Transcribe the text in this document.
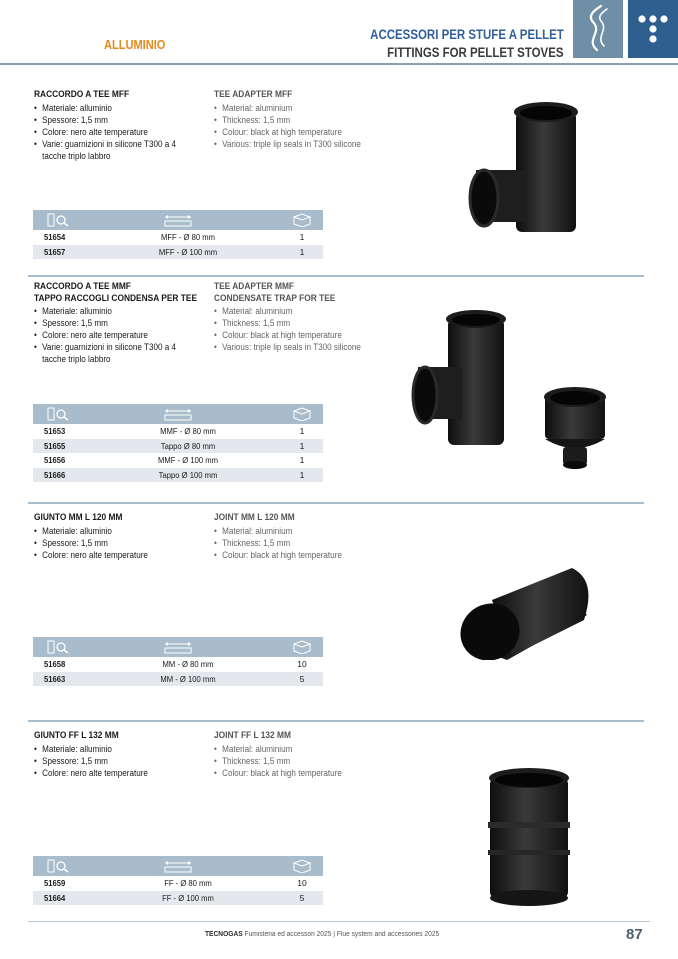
ALLUMINIO
ACCESSORI PER STUFE A PELLET
FITTINGS FOR PELLET STOVES
RACCORDO A TEE MFF
• Materiale: alluminio
• Spessore: 1,5 mm
• Colore: nero alte temperature
• Varie: guarnizioni in silicone T300 a 4 tacche triplo labbro
TEE ADAPTER MFF
• Material: aluminium
• Thickness: 1,5 mm
• Colour: black at high temperature
• Various: triple lip seals in T300 silicone
51654	MFF - Ø 80 mm	1
51657	MFF - Ø 100 mm	1
RACCORDO A TEE MMF
TAPPO RACCOGLI CONDENSA PER TEE
• Materiale: alluminio
• Spessore: 1,5 mm
• Colore: nero alte temperature
• Varie: guarnizioni in silicone T300 a 4 tacche triplo labbro
TEE ADAPTER MMF
CONDENSATE TRAP FOR TEE
• Material: aluminium
• Thickness: 1,5 mm
• Colour: black at high temperature
• Various: triple lip seals in T300 silicone
51653	MMF - Ø 80 mm	1
51655	Tappo Ø 80 mm	1
51656	MMF - Ø 100 mm	1
51666	Tappo Ø 100 mm	1
GIUNTO MM L 120 MM
• Materiale: alluminio
• Spessore: 1,5 mm
• Colore: nero alte temperature
JOINT MM L 120 MM
• Material: aluminium
• Thickness: 1,5 mm
• Colour: black at high temperature
51658	MM - Ø 80 mm	10
51663	MM - Ø 100 mm	5
GIUNTO FF L 132 MM
• Materiale: alluminio
• Spessore: 1,5 mm
• Colore: nero alte temperature
JOINT FF L 132 MM
• Material: aluminium
• Thickness: 1,5 mm
• Colour: black at high temperature
51659	FF - Ø 80 mm	10
51664	FF - Ø 100 mm	5
TECNOGAS Fumisteria ed accessori 2025 | Flue system and accessories 2025	87
